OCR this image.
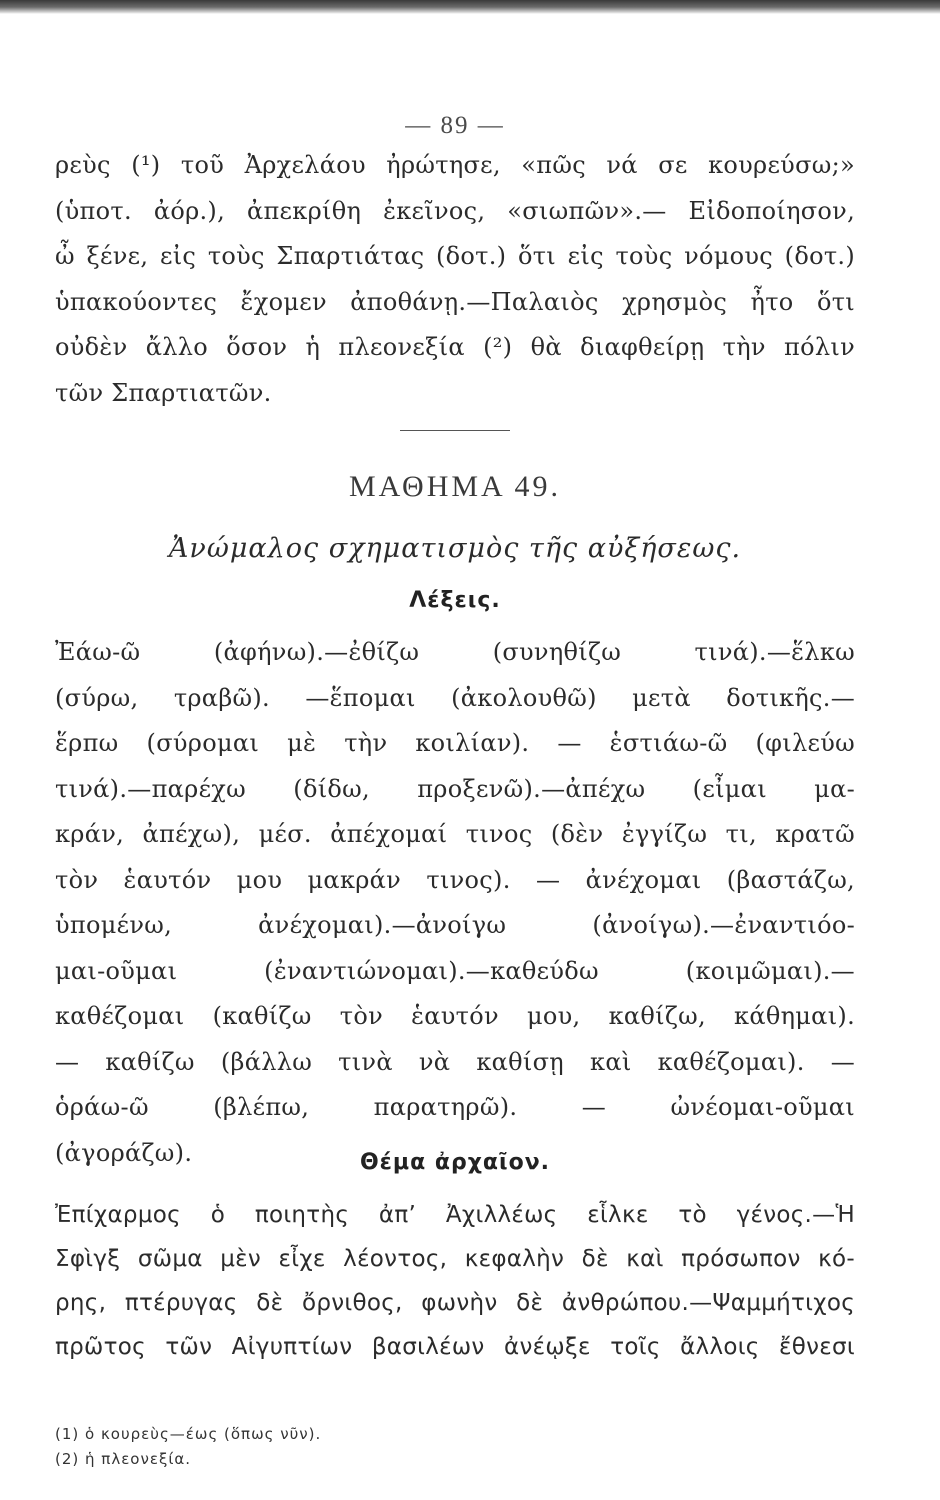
— 89 —
ρεὺς (¹) τοῦ Ἀρχελάου ἠρώτησε, «πῶς νά σε κουρεύσω;»
(ὑποτ. ἀόρ.), ἀπεκρίθη ἐκεῖνος, «σιωπῶν».— Εἰδοποίησον,
ὦ ξένε, εἰς τοὺς Σπαρτιάτας (δοτ.) ὅτι εἰς τοὺς νόμους (δοτ.)
ὑπακούοντες ἔχομεν ἀποθάνῃ.—Παλαιὸς χρησμὸς ἦτο ὅτι
οὐδὲν ἄλλο ὅσον ἡ πλεονεξία (²) θὰ διαφθείρῃ τὴν πόλιν
τῶν Σπαρτιατῶν.
ΜΑΘΗΜΑ 49.
Ἀνώμαλος σχηματισμὸς τῆς αὐξήσεως.
Λέξεις.
Ἐάω-ῶ (ἀφήνω).—ἐθίζω (συνηθίζω τινά).—ἕλκω
(σύρω, τραβῶ). —ἕπομαι (ἀκολουθῶ) μετὰ δοτικῆς.—
ἕρπω (σύρομαι μὲ τὴν κοιλίαν). — ἑστιάω-ῶ (φιλεύω
τινά).—παρέχω (δίδω, προξενῶ).—ἀπέχω (εἶμαι μα-
κράν, ἀπέχω), μέσ. ἀπέχομαί τινος (δὲν ἐγγίζω τι, κρατῶ
τὸν ἑαυτόν μου μακράν τινος). — ἀνέχομαι (βαστάζω,
ὑπομένω, ἀνέχομαι).—ἀνοίγω (ἀνοίγω).—ἐναντιόο-
μαι-οῦμαι (ἐναντιώνομαι).—καθεύδω (κοιμῶμαι).—
καθέζομαι (καθίζω τὸν ἑαυτόν μου, καθίζω, κάθημαι).
— καθίζω (βάλλω τινὰ νὰ καθίσῃ καὶ καθέζομαι). —
ὁράω-ῶ (βλέπω, παρατηρῶ). — ὠνέομαι-οῦμαι
(ἀγοράζω).	Θέμα ἀρχαῖον.
Ἐπίχαρμος ὁ ποιητὴς ἀπ’ Ἀχιλλέως εἷλκε τὸ γένος.—Ἡ
Σφὶγξ σῶμα μὲν εἶχε λέοντος, κεφαλὴν δὲ καὶ πρόσωπον κό-
ρης, πτέρυγας δὲ ὄρνιθος, φωνὴν δὲ ἀνθρώπου.—Ψαμμήτιχος
πρῶτος τῶν Αἰγυπτίων βασιλέων ἀνέῳξε τοῖς ἄλλοις ἔθνεσι
(1) ὁ κουρεὺς—έως (ὅπως νῦν).
(2) ἡ πλεονεξία.
